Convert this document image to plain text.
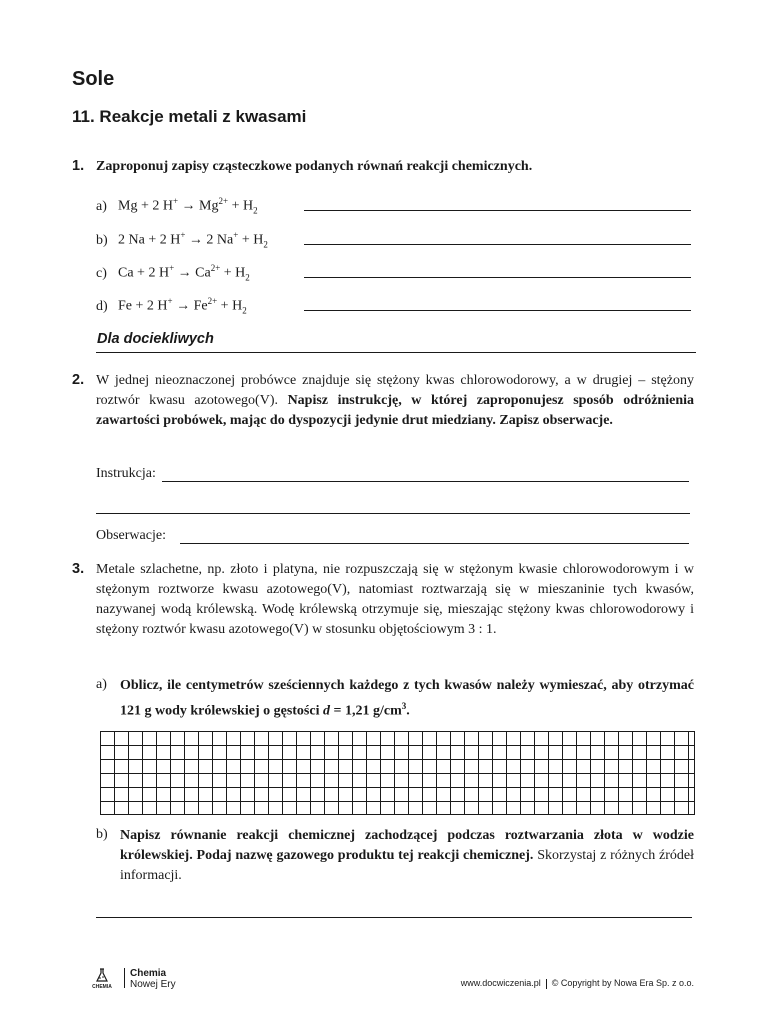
Sole
11. Reakcje metali z kwasami
1. Zaproponuj zapisy cząsteczkowe podanych równań reakcji chemicznych.
a) Mg + 2 $H^+ \to Mg^{2+} + H_2$
b) 2 Na + 2 H+ → 2 $Na^+ + H_2$
c) Ca + 2 $H^+ \to Ca^{2+} + H_2$
d) Fe + 2 $H^+ \to Fe^{2+} + H_2$
Dla dociekliwych
2. W jednej nieoznaczonej probówce znajduje się stężony kwas chlorowodorowy, a w drugiej – stężony roztwór kwasu azotowego(V). Napisz instrukcję, w której zaproponujesz sposób odróżnienia zawartości probówek, mając do dyspozycji jedynie drut miedziany. Zapisz obserwacje.
Instrukcja:
Obserwacje:
3. Metale szlachetne, np. złoto i platyna, nie rozpuszczają się w stężonym kwasie chlorowodorowym i w stężonym roztworze kwasu azotowego(V), natomiast roztwarzają się w mieszaninie tych kwasów, nazywanej wodą królewską. Wodę królewską otrzymuje się, mieszając stężony kwas chlorowodorowy i stężony roztwór kwasu azotowego(V) w stosunku objętościowym 3 : 1.
a) Oblicz, ile centymetrów sześciennych każdego z tych kwasów należy wymieszać, aby otrzymać 121 g wody królewskiej o gęstości d = 1,21 $g/cm^3$.
b) Napisz równanie reakcji chemicznej zachodzącej podczas roztwarzania złota w wodzie królewskiej. Podaj nazwę gazowego produktu tej reakcji chemicznej. Skorzystaj z różnych źródeł informacji.
CHEMIA
Chemia
Nowej Ery	www.docwiczenia.pl © Copyright by Nowa Era Sp. z o.o.
